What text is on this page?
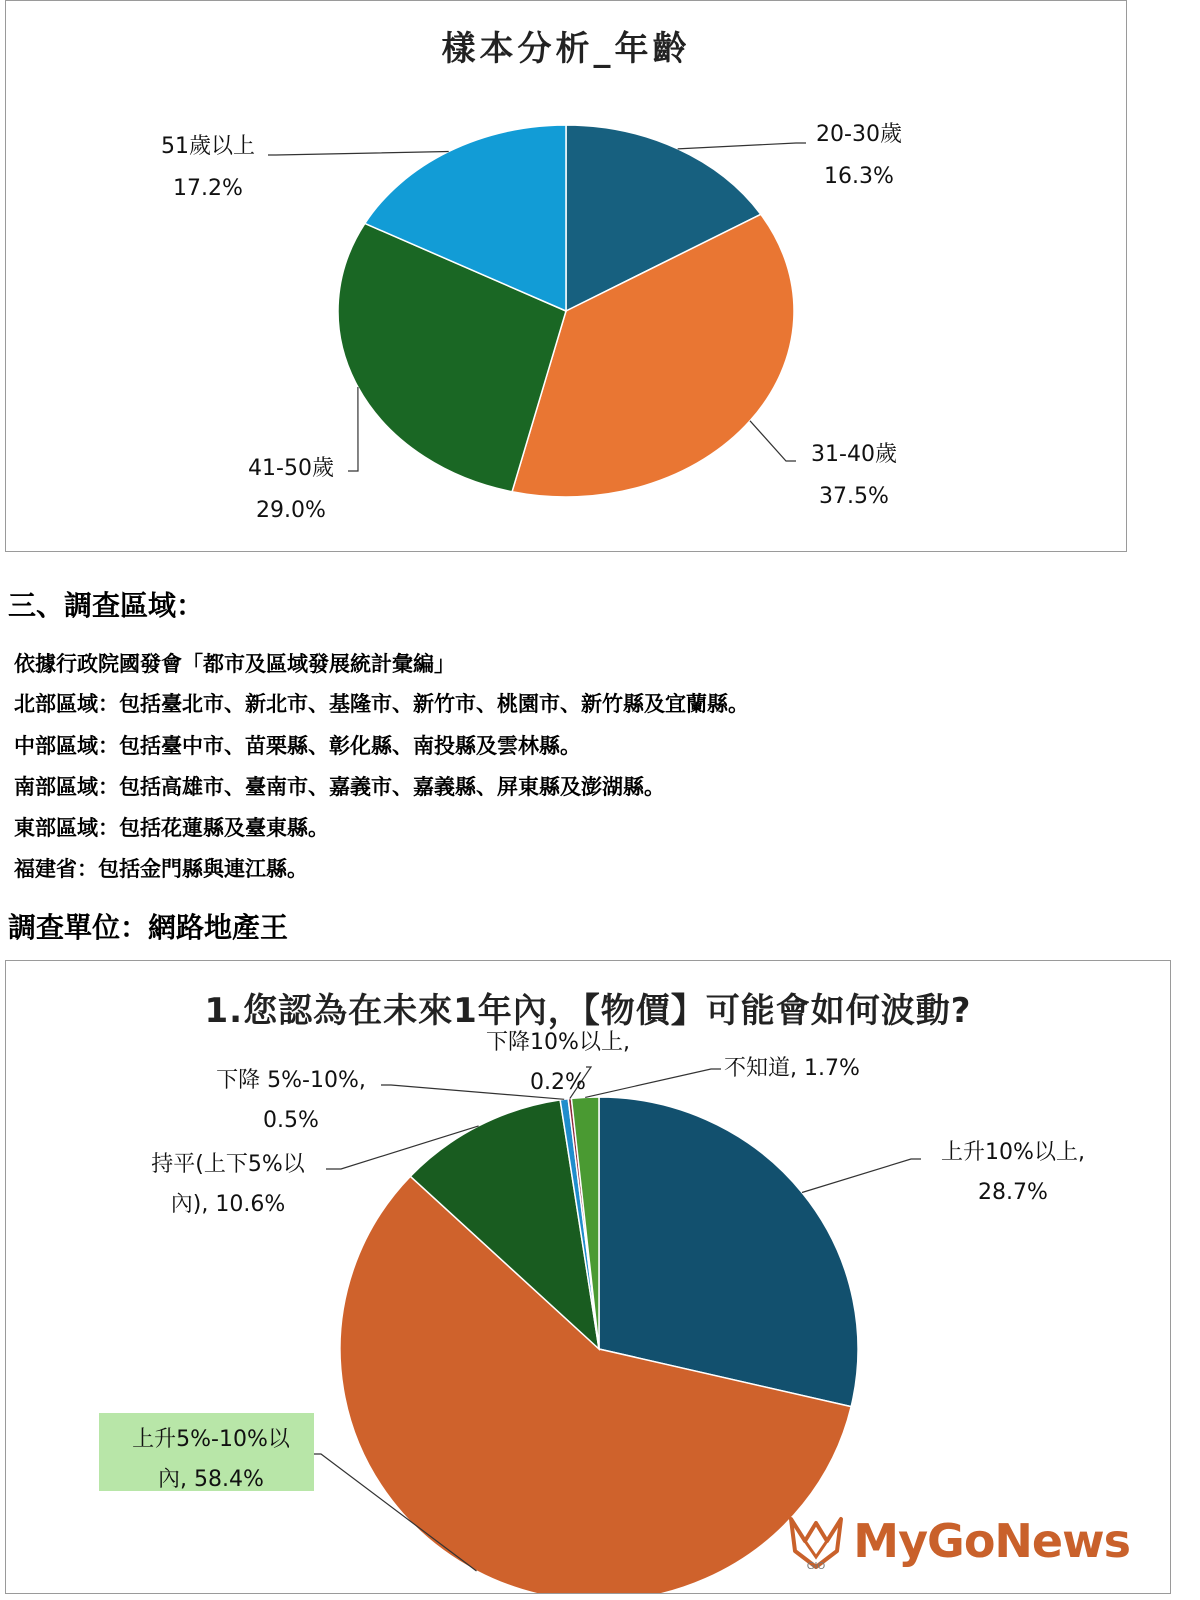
樣本分析_年齡
20-30歲
16.3%
31-40歲
37.5%
41-50歲
29.0%
51歲以上
17.2%
三、調查區域：

依據行政院國發會「都市及區域發展統計彙編」

北部區域：包括臺北市、新北市、基隆市、新竹市、桃園市、新竹縣及宜蘭縣。

中部區域：包括臺中市、苗栗縣、彰化縣、南投縣及雲林縣。

南部區域：包括高雄市、臺南市、嘉義市、嘉義縣、屏東縣及澎湖縣。

東部區域：包括花蓮縣及臺東縣。

福建省：包括金門縣與連江縣。

調查單位：網路地產王
1.您認為在未來1年內，【物價】可能會如何波動?
上升10%以上,
28.7%
上升5%-10%以
內, 58.4%
持平(上下5%以
內), 10.6%
下降 5%-10%,
0.5%
下降10%以上,
0.2%
不知道, 1.7%
GIO MyGoNews
